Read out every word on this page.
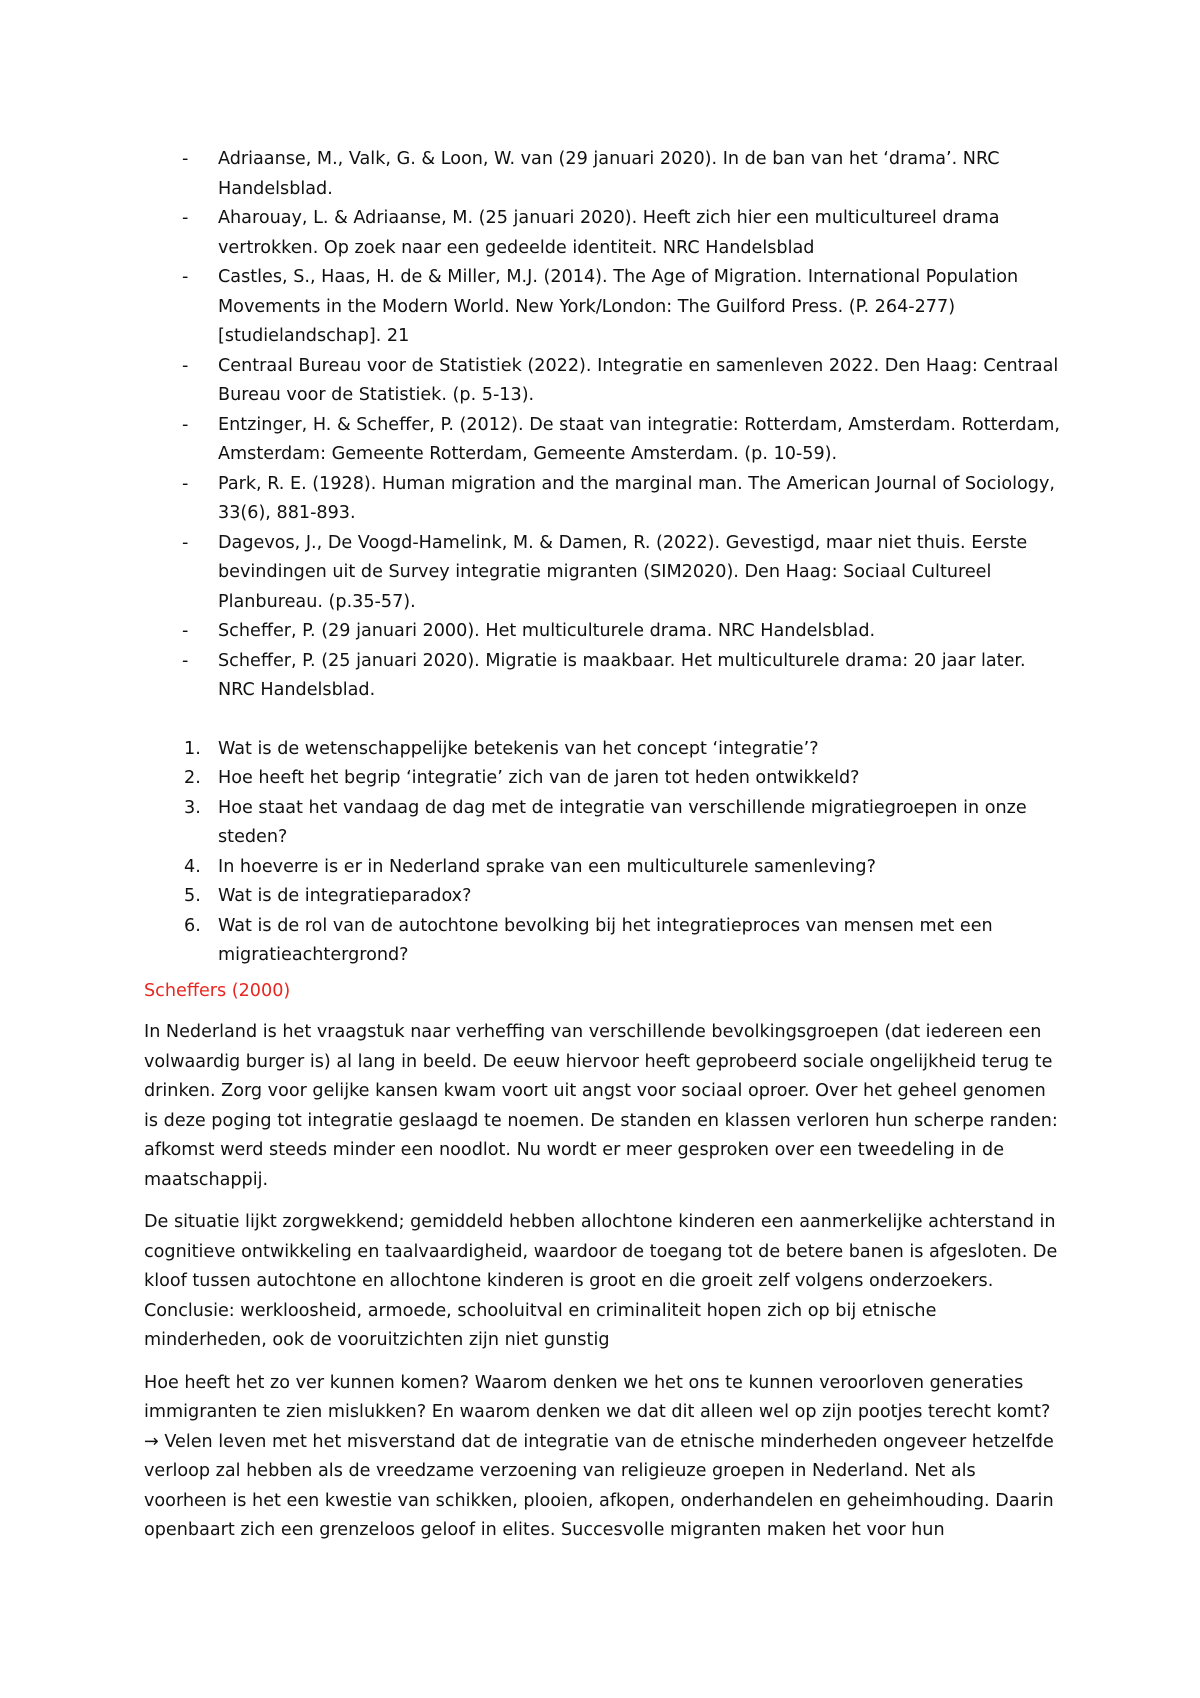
- Adriaanse, M., Valk, G. & Loon, W. van (29 januari 2020). In de ban van het ‘drama’. NRC Handelsblad.
- Aharouay, L. & Adriaanse, M. (25 januari 2020). Heeft zich hier een multicultureel drama vertrokken. Op zoek naar een gedeelde identiteit. NRC Handelsblad
- Castles, S., Haas, H. de & Miller, M.J. (2014). The Age of Migration. International Population Movements in the Modern World. New York/London: The Guilford Press. (P. 264-277) [studielandschap]. 21
- Centraal Bureau voor de Statistiek (2022). Integratie en samenleven 2022. Den Haag: Centraal Bureau voor de Statistiek. (p. 5-13).
- Entzinger, H. & Scheffer, P. (2012). De staat van integratie: Rotterdam, Amsterdam. Rotterdam, Amsterdam: Gemeente Rotterdam, Gemeente Amsterdam. (p. 10-59).
- Park, R. E. (1928). Human migration and the marginal man. The American Journal of Sociology, 33(6), 881-893.
- Dagevos, J., De Voogd-Hamelink, M. & Damen, R. (2022). Gevestigd, maar niet thuis. Eerste bevindingen uit de Survey integratie migranten (SIM2020). Den Haag: Sociaal Cultureel Planbureau. (p.35-57).
- Scheffer, P. (29 januari 2000). Het multiculturele drama. NRC Handelsblad.
- Scheffer, P. (25 januari 2020). Migratie is maakbaar. Het multiculturele drama: 20 jaar later. NRC Handelsblad.
1. Wat is de wetenschappelijke betekenis van het concept ‘integratie’?
2. Hoe heeft het begrip ‘integratie’ zich van de jaren tot heden ontwikkeld?
3. Hoe staat het vandaag de dag met de integratie van verschillende migratiegroepen in onze steden?
4. In hoeverre is er in Nederland sprake van een multiculturele samenleving?
5. Wat is de integratieparadox?
6. Wat is de rol van de autochtone bevolking bij het integratieproces van mensen met een migratieachtergrond?
Scheffers (2000)

In Nederland is het vraagstuk naar verheffing van verschillende bevolkingsgroepen (dat iedereen een volwaardig burger is) al lang in beeld. De eeuw hiervoor heeft geprobeerd sociale ongelijkheid terug te drinken. Zorg voor gelijke kansen kwam voort uit angst voor sociaal oproer. Over het geheel genomen is deze poging tot integratie geslaagd te noemen. De standen en klassen verloren hun scherpe randen: afkomst werd steeds minder een noodlot. Nu wordt er meer gesproken over een tweedeling in de maatschappij.

De situatie lijkt zorgwekkend; gemiddeld hebben allochtone kinderen een aanmerkelijke achterstand in cognitieve ontwikkeling en taalvaardigheid, waardoor de toegang tot de betere banen is afgesloten. De kloof tussen autochtone en allochtone kinderen is groot en die groeit zelf volgens onderzoekers. Conclusie: werkloosheid, armoede, schooluitval en criminaliteit hopen zich op bij etnische minderheden, ook de vooruitzichten zijn niet gunstig

Hoe heeft het zo ver kunnen komen? Waarom denken we het ons te kunnen veroorloven generaties immigranten te zien mislukken? En waarom denken we dat dit alleen wel op zijn pootjes terecht komt? → Velen leven met het misverstand dat de integratie van de etnische minderheden ongeveer hetzelfde verloop zal hebben als de vreedzame verzoening van religieuze groepen in Nederland. Net als voorheen is het een kwestie van schikken, plooien, afkopen, onderhandelen en geheimhouding. Daarin openbaart zich een grenzeloos geloof in elites. Succesvolle migranten maken het voor hun
